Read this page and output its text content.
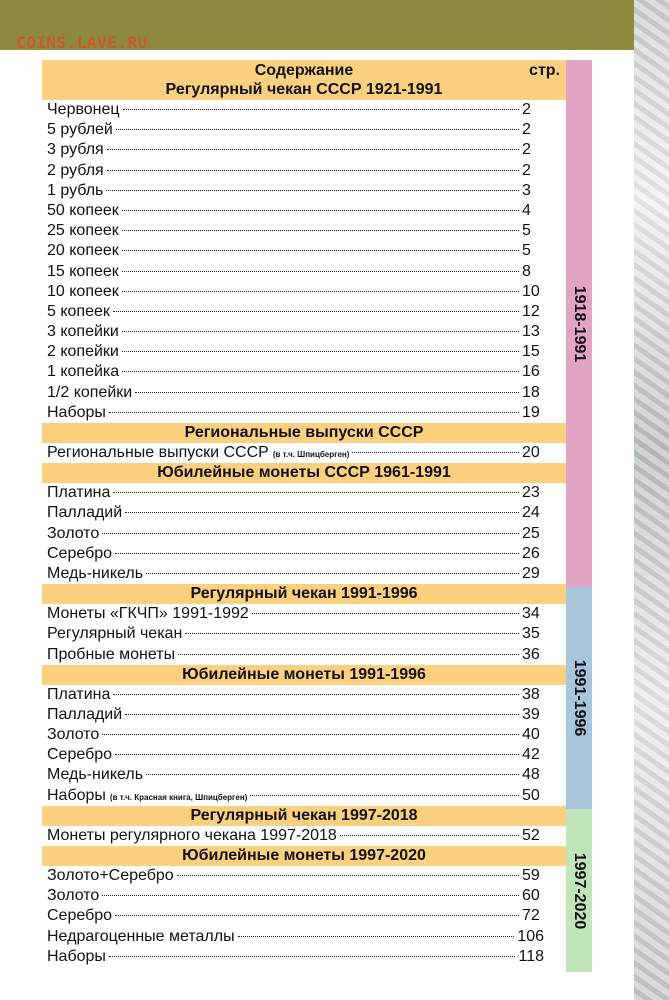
COINS.LAVE.RU
Содержание	стр.
Регулярный чекан СССР 1921-1991
Червонец	2
5 рублей	2
3 рубля	2
2 рубля	2
1 рубль	3
50 копеек	4
25 копеек	5
20 копеек	5
15 копеек	8
10 копеек	10
5 копеек	12
3 копейки	13
2 копейки	15
1 копейка	16
1/2 копейки	18
Наборы	19
Региональные выпуски СССР
Региональные выпуски СССР (в т.ч. Шпицберген)	20
Юбилейные монеты СССР 1961-1991
Платина	23
Палладий	24
Золото	25
Серебро	26
Медь-никель	29
Регулярный чекан 1991-1996
Монеты «ГКЧП» 1991-1992	34
Регулярный чекан	35
Пробные монеты	36
Юбилейные монеты 1991-1996
Платина	38
Палладий	39
Золото	40
Серебро	42
Медь-никель	48
Наборы (в т.ч. Красная книга, Шпицберген)	50
Регулярный чекан 1997-2018
Монеты регулярного чекана 1997-2018	52
Юбилейные монеты 1997-2020
Золото+Серебро	59
Золото	60
Серебро	72
Недрагоценные металлы	106
Наборы	118
1918-1991
1991-1996
1997-2020
